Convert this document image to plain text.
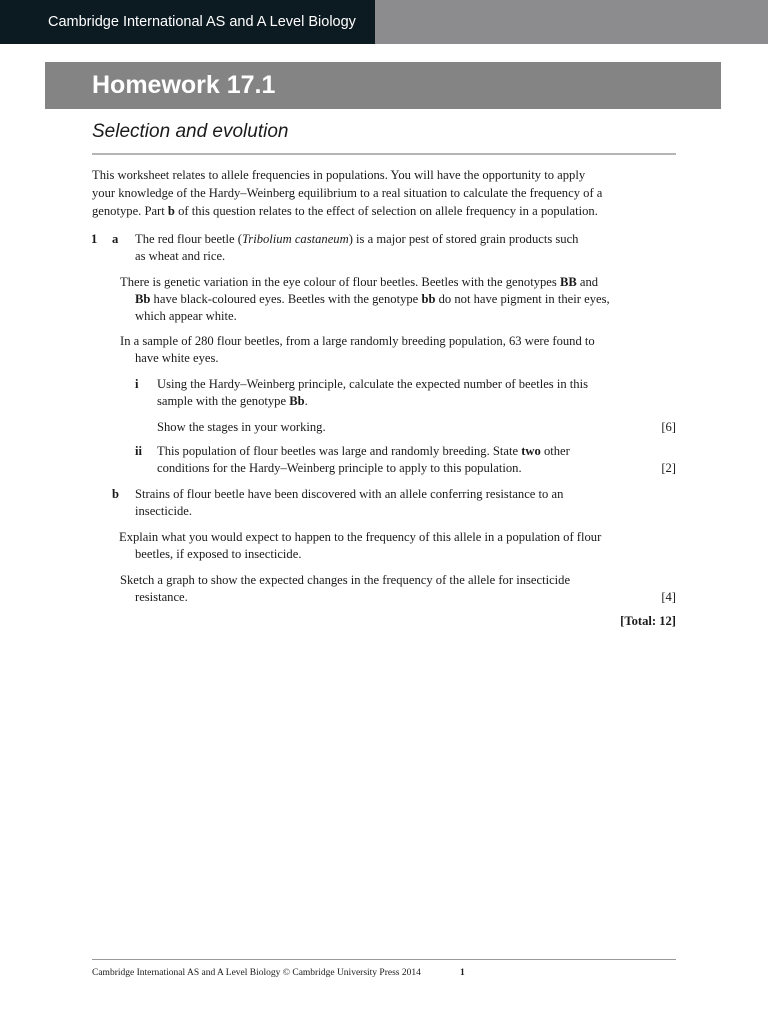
Cambridge International AS and A Level Biology
Homework 17.1
Selection and evolution
This worksheet relates to allele frequencies in populations. You will have the opportunity to apply
your knowledge of the Hardy–Weinberg equilibrium to a real situation to calculate the frequency of a
genotype. Part b of this question relates to the effect of selection on allele frequency in a population.
1 a The red flour beetle (Tribolium castaneum) is a major pest of stored grain products such
as wheat and rice.
There is genetic variation in the eye colour of flour beetles. Beetles with the genotypes BB and
Bb have black-coloured eyes. Beetles with the genotype bb do not have pigment in their eyes,
which appear white.
In a sample of 280 flour beetles, from a large randomly breeding population, 63 were found to
have white eyes.
i Using the Hardy–Weinberg principle, calculate the expected number of beetles in this
sample with the genotype Bb.
Show the stages in your working.	[6]
ii This population of flour beetles was large and randomly breeding. State two other
conditions for the Hardy–Weinberg principle to apply to this population.	[2]
b Strains of flour beetle have been discovered with an allele conferring resistance to an
insecticide.
Explain what you would expect to happen to the frequency of this allele in a population of flour
beetles, if exposed to insecticide.
Sketch a graph to show the expected changes in the frequency of the allele for insecticide
resistance.	[4]
[Total: 12]
Cambridge International AS and A Level Biology © Cambridge University Press 2014	1
